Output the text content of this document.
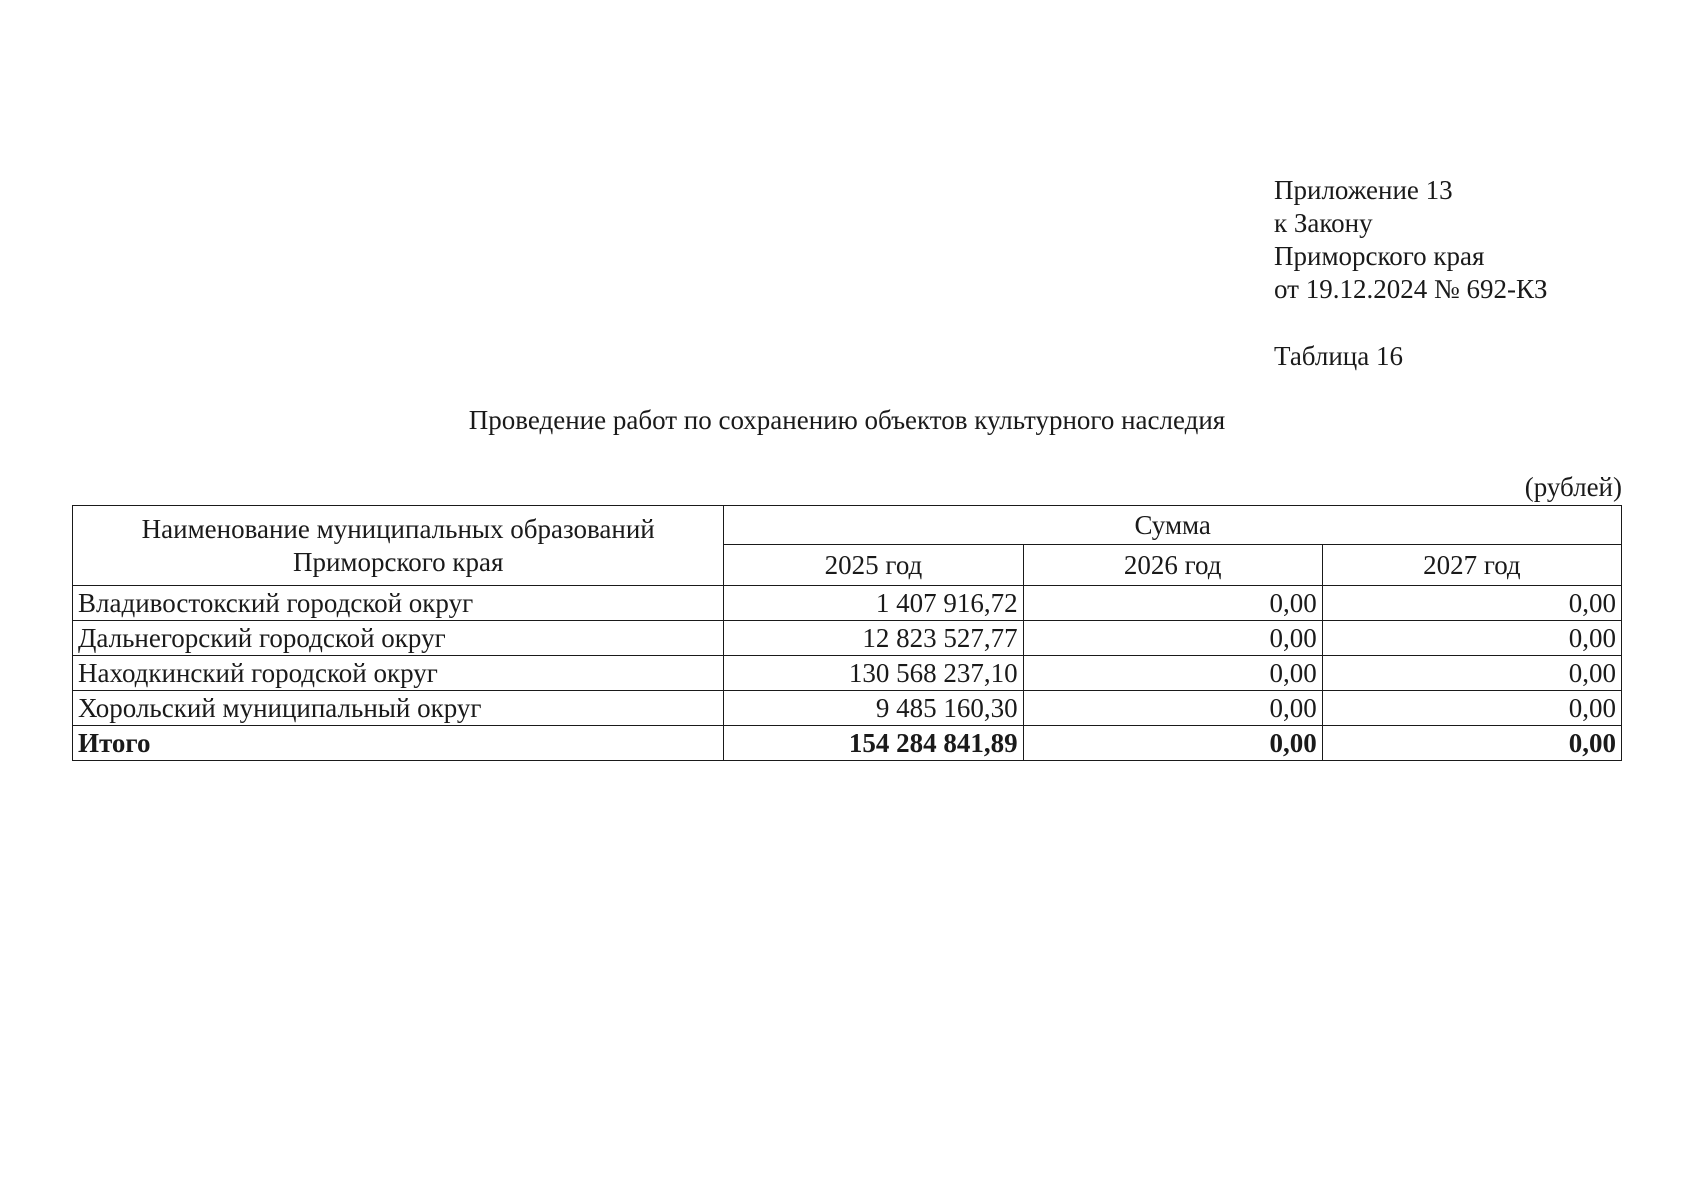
Приложение 13
к Закону
Приморского края
от 19.12.2024 № 692-КЗ
Таблица 16
Проведение работ по сохранению объектов культурного наследия
(рублей)
Наименование муниципальных образований
Приморского края	Сумма		
	2025 год	2026 год	2027 год
Владивостокский городской округ	1 407 916,72	0,00	0,00
Дальнегорский городской округ	12 823 527,77	0,00	0,00
Находкинский городской округ	130 568 237,10	0,00	0,00
Хорольский муниципальный округ	9 485 160,30	0,00	0,00
Итого	154 284 841,89	0,00	0,00
